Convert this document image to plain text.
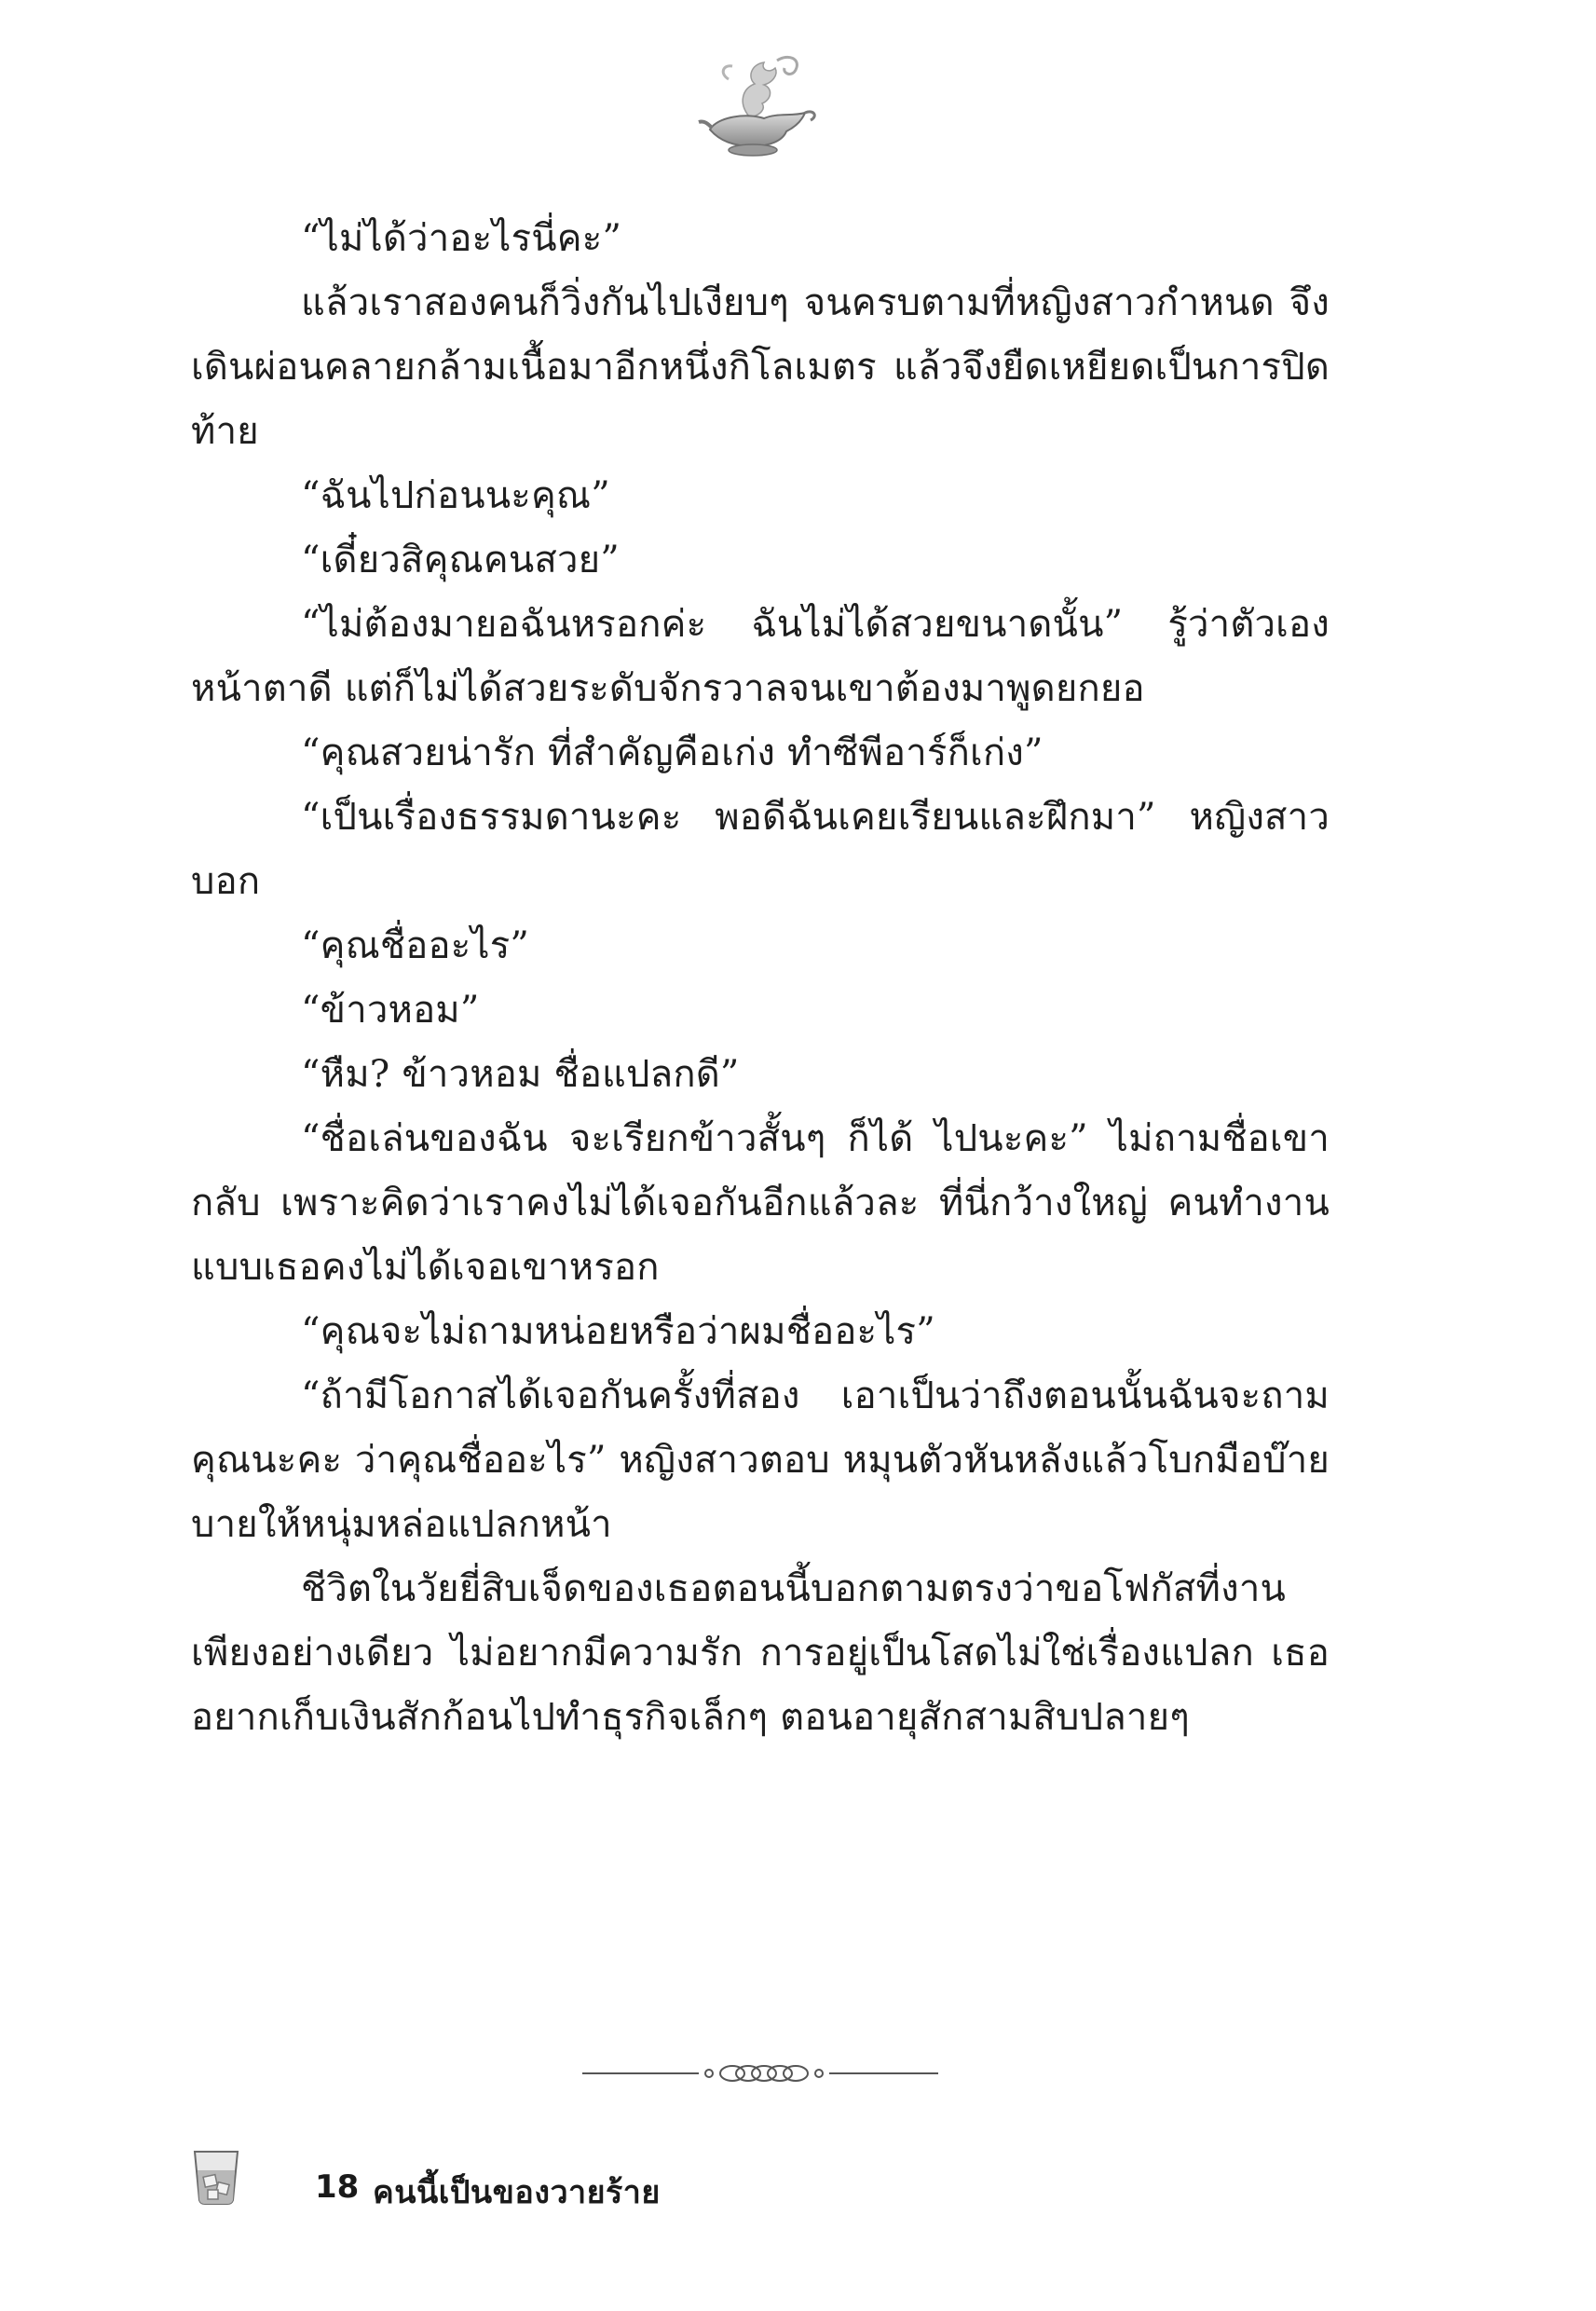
“ไม่ได้ว่าอะไรนี่คะ”

แล้วเราสองคนก็วิ่งกันไปเงียบๆ จนครบตามที่หญิงสาวกำหนด จึงเดินผ่อนคลายกล้ามเนื้อมาอีกหนึ่งกิโลเมตร แล้วจึงยืดเหยียดเป็นการปิดท้าย

“ฉันไปก่อนนะคุณ”

“เดี๋ยวสิคุณคนสวย”

“ไม่ต้องมายอฉันหรอกค่ะ ฉันไม่ได้สวยขนาดนั้น” รู้ว่าตัวเองหน้าตาดี แต่ก็ไม่ได้สวยระดับจักรวาลจนเขาต้องมาพูดยกยอ

“คุณสวยน่ารัก ที่สำคัญคือเก่ง ทำซีพีอาร์ก็เก่ง”

“เป็นเรื่องธรรมดานะคะ พอดีฉันเคยเรียนและฝึกมา” หญิงสาวบอก

“คุณชื่ออะไร”

“ข้าวหอม”

“หืม? ข้าวหอม ชื่อแปลกดี”

“ชื่อเล่นของฉัน จะเรียกข้าวสั้นๆ ก็ได้ ไปนะคะ” ไม่ถามชื่อเขากลับ เพราะคิดว่าเราคงไม่ได้เจอกันอีกแล้วละ ที่นี่กว้างใหญ่ คนทำงานแบบเธอคงไม่ได้เจอเขาหรอก

“คุณจะไม่ถามหน่อยหรือว่าผมชื่ออะไร”

“ถ้ามีโอกาสได้เจอกันครั้งที่สอง เอาเป็นว่าถึงตอนนั้นฉันจะถามคุณนะคะ ว่าคุณชื่ออะไร” หญิงสาวตอบ หมุนตัวหันหลังแล้วโบกมือบ๊ายบายให้หนุ่มหล่อแปลกหน้า

ชีวิตในวัยยี่สิบเจ็ดของเธอตอนนี้บอกตามตรงว่าขอโฟกัสที่งานเพียงอย่างเดียว ไม่อยากมีความรัก การอยู่เป็นโสดไม่ใช่เรื่องแปลก เธออยากเก็บเงินสักก้อนไปทำธุรกิจเล็กๆ ตอนอายุสักสามสิบปลายๆ

18 คนนี้เป็นของวายร้าย
